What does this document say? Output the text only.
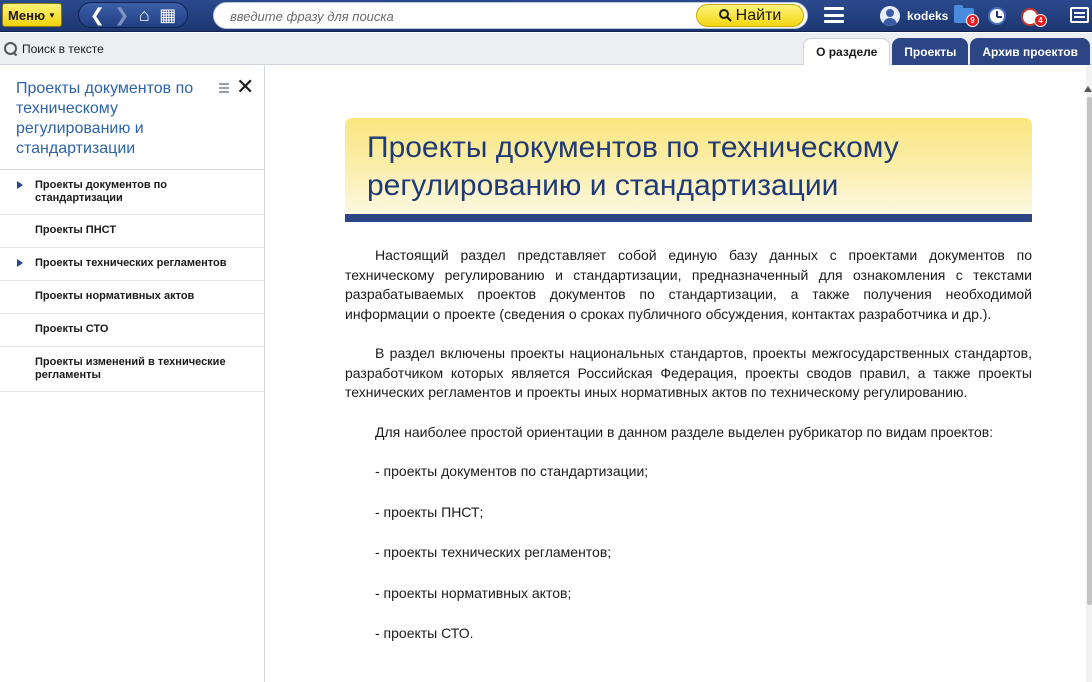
Меню ▼ ❮ ❯ ⌂ ▦
введите фразу для поиска	Найти	kodeks	9	4
Поиск в тексте	О разделе	Проекты	Архив проектов
Проекты документов по техническому регулированию и стандартизации
✕
Проекты документов по стандартизации
Проекты ПНСТ
Проекты технических регламентов
Проекты нормативных актов
Проекты СТО
Проекты изменений в технические регламенты
Проекты документов по техническому регулированию и стандартизации

Настоящий раздел представляет собой единую базу данных с проектами документов по техническому регулированию и стандартизации, предназначенный для ознакомления с текстами разрабатываемых проектов документов по стандартизации, а также получения необходимой информации о проекте (сведения о сроках публичного обсуждения, контактах разработчика и др.).

В раздел включены проекты национальных стандартов, проекты межгосударственных стандартов, разработчиком которых является Российская Федерация, проекты сводов правил, а также проекты технических регламентов и проекты иных нормативных актов по техническому регулированию.

Для наиболее простой ориентации в данном разделе выделен рубрикатор по видам проектов:

- проекты документов по стандартизации;

- проекты ПНСТ;

- проекты технических регламентов;

- проекты нормативных актов;

- проекты СТО.
